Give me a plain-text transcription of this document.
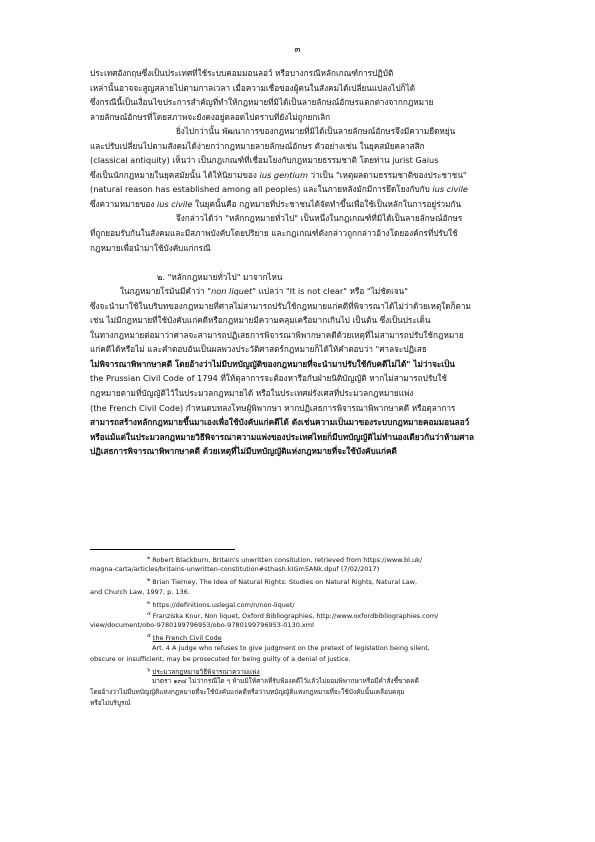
๓
ประเทศอังกฤษซึ่งเป็นประเทศที่ใช้ระบบคอมมอนลอว์ หรือบางกรณีหลักเกณฑ์การปฏิบัติ
เหล่านั้นอาจจะสูญสลายไปตามกาลเวลา เมื่อความเชื่อของผู้คนในสังคมได้เปลี่ยนแปลงไปก็ได้
ซึ่งกรณีนี้เป็นเงื่อนไขประการสำคัญที่ทำให้กฎหมายที่มิได้เป็นลายลักษณ์อักษรแตกต่างจากกฎหมาย
ลายลักษณ์อักษรที่โดยสภาพจะยังคงอยู่ตลอดไปตราบที่ยังไม่ถูกยกเลิก
ยิ่งไปกว่านั้น พัฒนาการของกฎหมายที่มิได้เป็นลายลักษณ์อักษรจึงมีความยืดหยุ่น
และปรับเปลี่ยนไปตามสังคมได้ง่ายกว่ากฎหมายลายลักษณ์อักษร ตัวอย่างเช่น ในยุคสมัยคลาสสิก
(classical antiquity) เห็นว่า เป็นกฎเกณฑ์ที่เชื่อมโยงกับกฎหมายธรรมชาติ โดยท่าน jurist Gaius
ซึ่งเป็นนักกฎหมายในยุคสมัยนั้น ได้ให้นิยามของ ius gentium ว่าเป็น "เหตุผลตามธรรมชาติของประชาชน"
(natural reason has established among all peoples) และในภายหลังมักมีการยึดโยงกับกับ ius civile
ซึ่งความหมายของ ius civile ในยุคนั้นคือ กฎหมายที่ประชาชนได้จัดทำขึ้นเพื่อใช้เป็นหลักในการอยู่ร่วมกัน
จึงกล่าวได้ว่า "หลักกฎหมายทั่วไป" เป็นหนึ่งในกฎเกณฑ์ที่มิได้เป็นลายลักษณ์อักษร
ที่ถูกยอมรับกันในสังคมและมีสภาพบังคับโดยปริยาย และกฎเกณฑ์ดังกล่าวถูกกล่าวอ้างโดยองค์กรที่ปรับใช้
กฎหมายเพื่อนำมาใช้บังคับแก่กรณี
๒. "หลักกฎหมายทั่วไป" มาจากไหน
ในกฎหมายโรมันมีคำว่า "non liquet" แปลว่า "It is not clear" หรือ "ไม่ชัดเจน"
ซึ่งจะนำมาใช้ในบริบทของกฎหมายที่ศาลไม่สามารถปรับใช้กฎหมายแก่คดีที่พิจารณาได้ไม่ว่าด้วยเหตุใดก็ตาม
เช่น ไม่มีกฎหมายที่ใช้บังคับแก่คดีหรือกฎหมายมีความคลุมเครือมากเกินไป เป็นต้น ซึ่งเป็นประเด็น
ในทางกฎหมายต่อมาว่าศาลจะสามารถปฏิเสธการพิจารณาพิพากษาคดีด้วยเหตุที่ไม่สามารถปรับใช้กฎหมาย
แก่คดีได้หรือไม่ และคำตอบอันเป็นผลพวงประวัติศาสตร์กฎหมายก็ได้ให้คำตอบว่า "ศาลจะปฏิเสธ
ไม่พิจารณาพิพากษาคดี โดยอ้างว่าไม่มีบทบัญญัติของกฎหมายที่จะนำมาปรับใช้กับคดีไม่ได้" ไม่ว่าจะเป็น
the Prussian Civil Code of 1794 ที่ให้ตุลาการจะต้องหารือกับฝ่ายนิติบัญญัติ หากไม่สามารถปรับใช้
กฎหมายตามที่บัญญัติไว้ในประมวลกฎหมายได้ หรือในประเทศฝรั่งเศสที่ประมวลกฎหมายแพ่ง
(the French Civil Code) กำหนดบทลงโทษผู้พิพากษา หากปฏิเสธการพิจารณาพิพากษาคดี หรือตุลาการ
สามารถสร้างหลักกฎหมายขึ้นมาเองเพื่อใช้บังคับแก่คดีได้ ดังเช่นความเป็นมาของระบบกฎหมายคอมมอนลอว์
หรือแม้แต่ในประมวลกฎหมายวิธีพิจารณาความแพ่งของประเทศไทยก็มีบทบัญญัติไม่ทำนองเดียวกันว่าห้ามศาล
ปฏิเสธการพิจารณาพิพากษาคดี ด้วยเหตุที่ไม่มีบทบัญญัติแห่งกฎหมายที่จะใช้บังคับแก่คดี
$^๑$ Robert Blackburn, Britain's unwritten consitution, retrieved from https://www.bl.uk/
magna-carta/articles/britains-unwritten-constitution#sthash.kIGm5ANk.dpuf (7/02/2017)
$^๒$ Brian Tierney, The Idea of Natural Rights: Studies on Natural Rights, Natural Law,
and Church Law, 1997, p. 136.
$^๓$ https://definitions.uslegal.com/n/non-liquet/
$^๔$ Franziska Knur, Non liquet, Oxford Bibliographies, http://www.oxfordbibliographies.com/
view/document/obo-9780199796953/obo-9780199796953-0130.xml
$^๕$ the French Civil Code
Art. 4 A judge who refuses to give judgment on the pretext of legislation being silent,
obscure or insufficient, may be prosecuted for being guilty of a denial of justice.
$^๖$ ประมวลกฎหมายวิธีพิจารณาความแพ่ง
มาตรา ๑๓๔ ไม่ว่ากรณีใด ๆ ห้ามมิให้ศาลที่รับฟ้องคดีไว้แล้วไม่ยอมพิพากษาหรือมีคำสั่งชี้ขาดคดี
โดยอ้างว่าไม่มีบทบัญญัติแห่งกฎหมายที่จะใช้บังคับแก่คดีหรือว่าบทบัญญัติแห่งกฎหมายที่จะใช้บังคับนั้นเคลือบคลุม
หรือไม่บริบูรณ์
